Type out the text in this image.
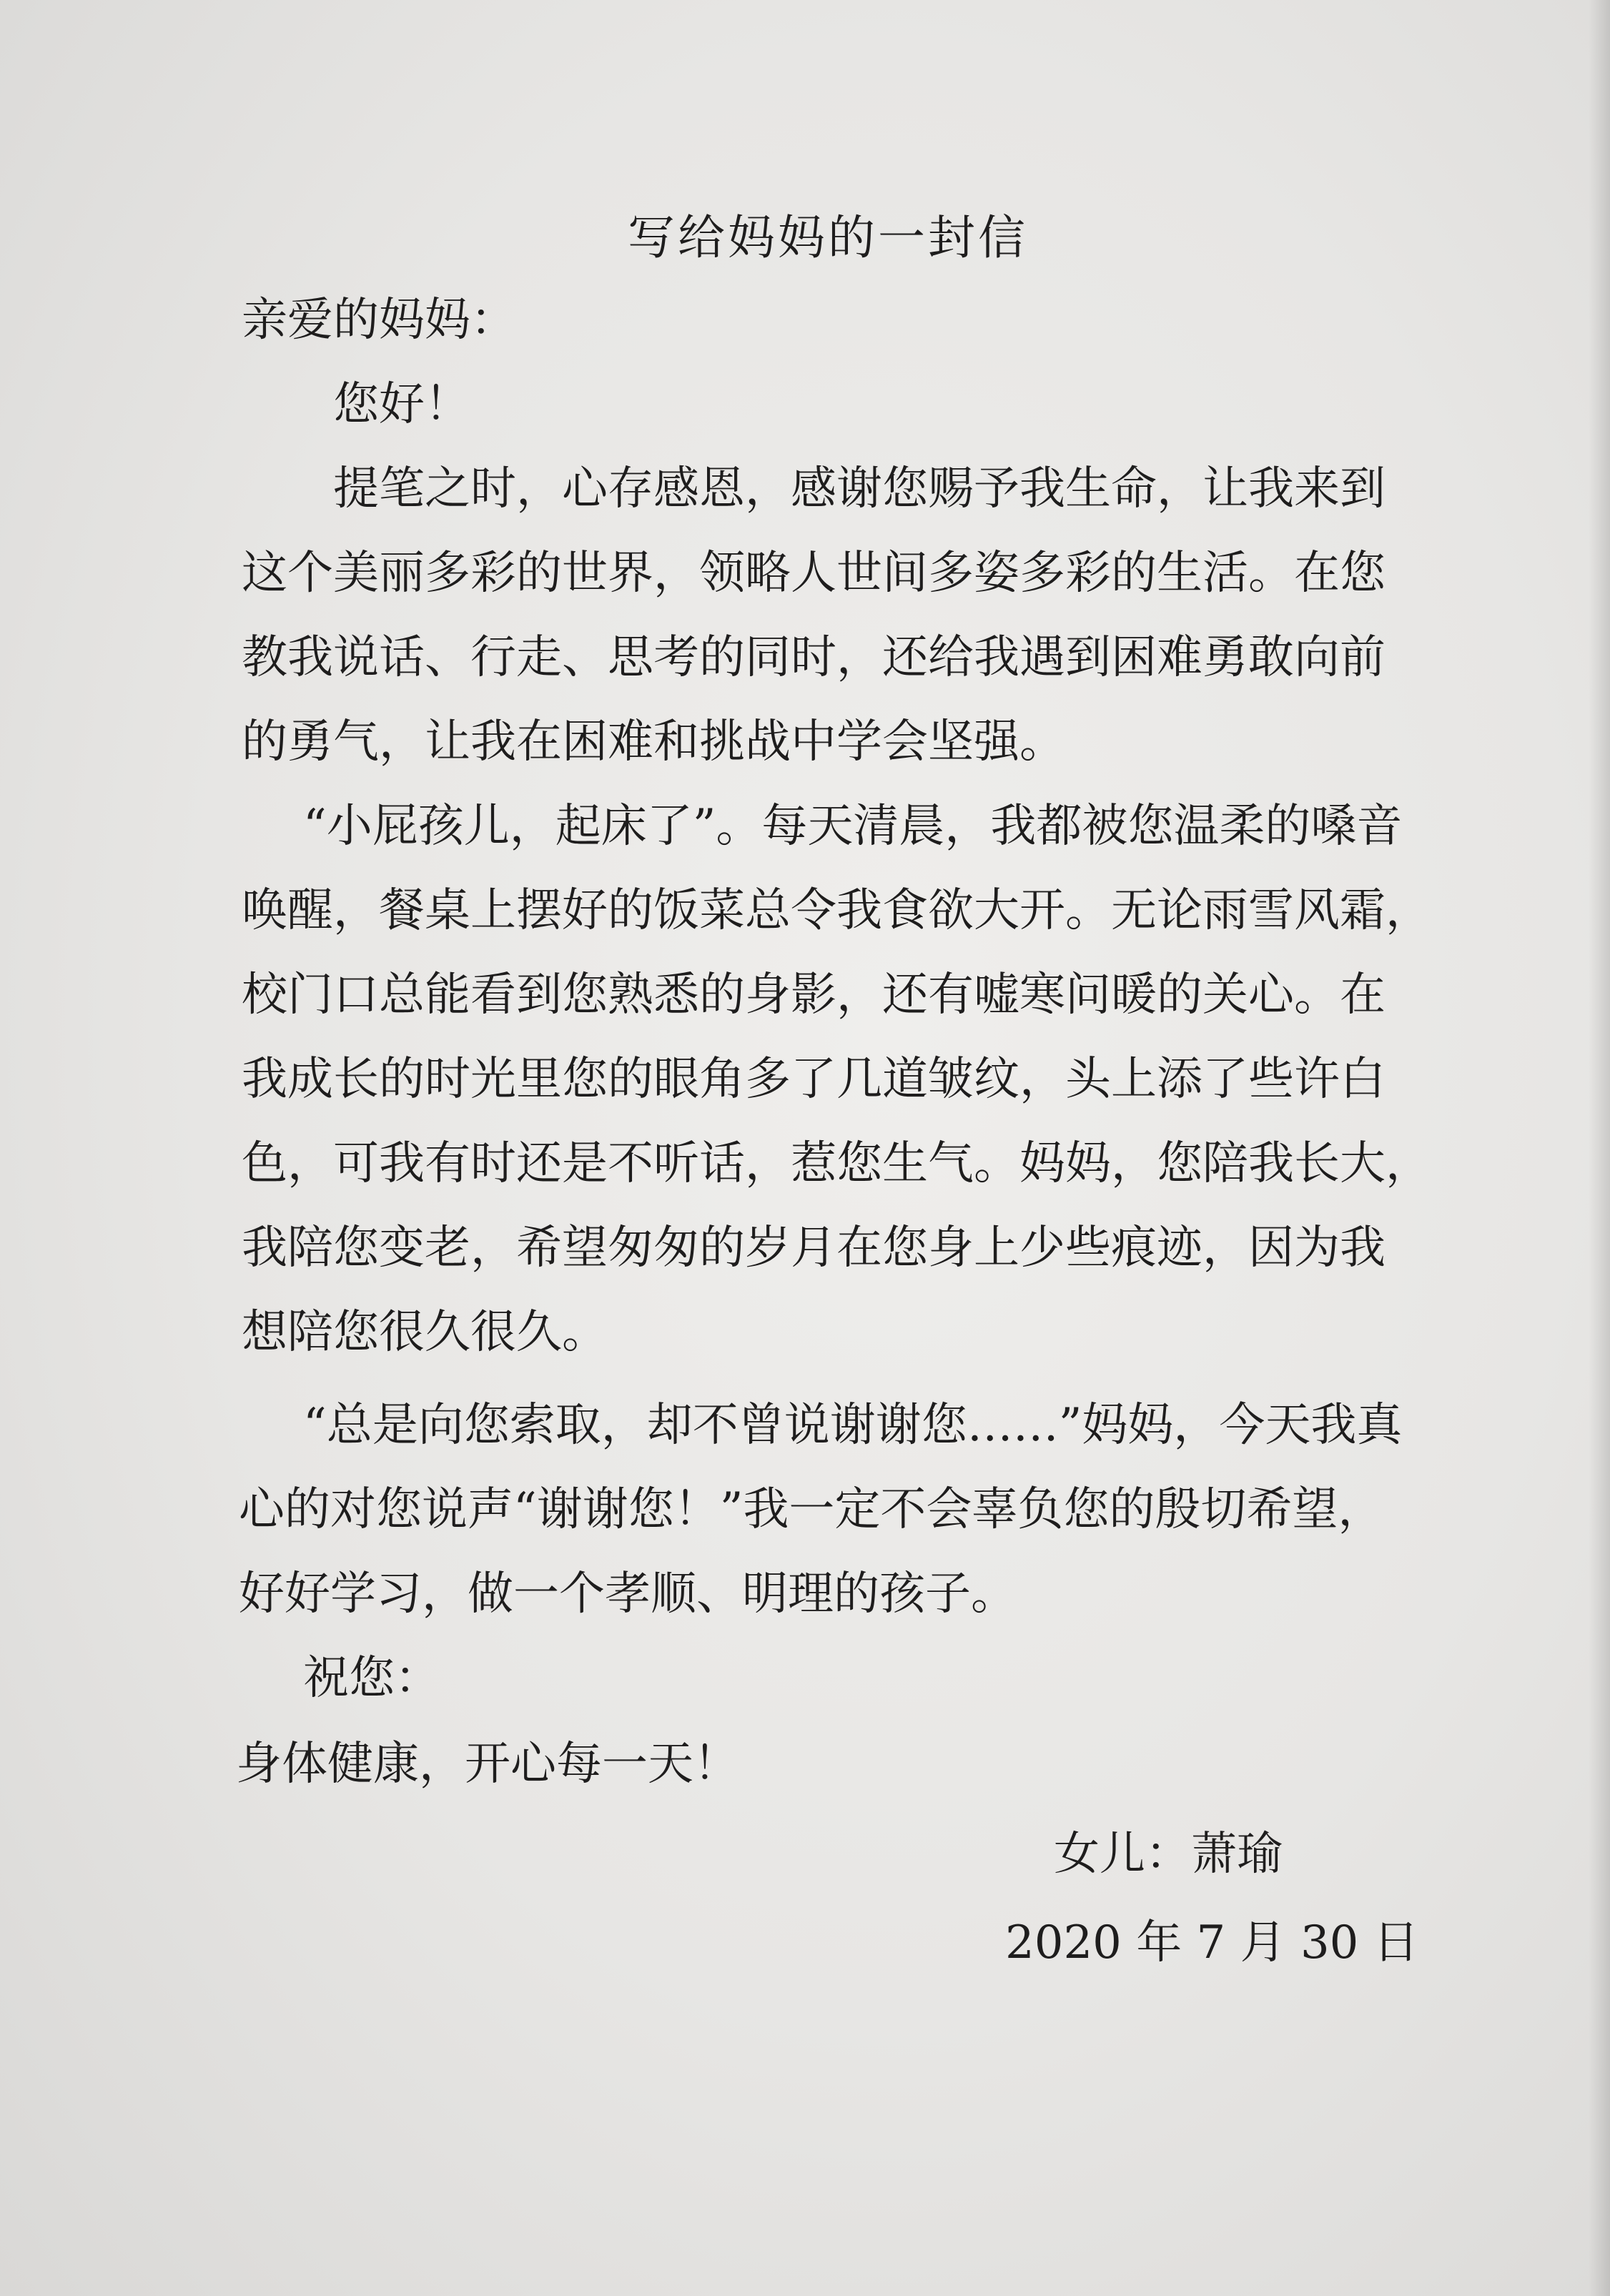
写给妈妈的一封信
亲爱的妈妈：
您好！
提笔之时，心存感恩，感谢您赐予我生命，让我来到
这个美丽多彩的世界，领略人世间多姿多彩的生活。在您
教我说话、行走、思考的同时，还给我遇到困难勇敢向前
的勇气，让我在困难和挑战中学会坚强。
“小屁孩儿，起床了”。每天清晨，我都被您温柔的嗓音
唤醒，餐桌上摆好的饭菜总令我食欲大开。无论雨雪风霜，
校门口总能看到您熟悉的身影，还有嘘寒问暖的关心。在
我成长的时光里您的眼角多了几道皱纹，头上添了些许白
色，可我有时还是不听话，惹您生气。妈妈，您陪我长大，
我陪您变老，希望匆匆的岁月在您身上少些痕迹，因为我
想陪您很久很久。
“总是向您索取，却不曾说谢谢您……”妈妈，今天我真
心的对您说声“谢谢您！”我一定不会辜负您的殷切希望，
好好学习，做一个孝顺、明理的孩子。
祝您：
身体健康，开心每一天！
女儿：萧瑜
2020 年 7 月 30 日
